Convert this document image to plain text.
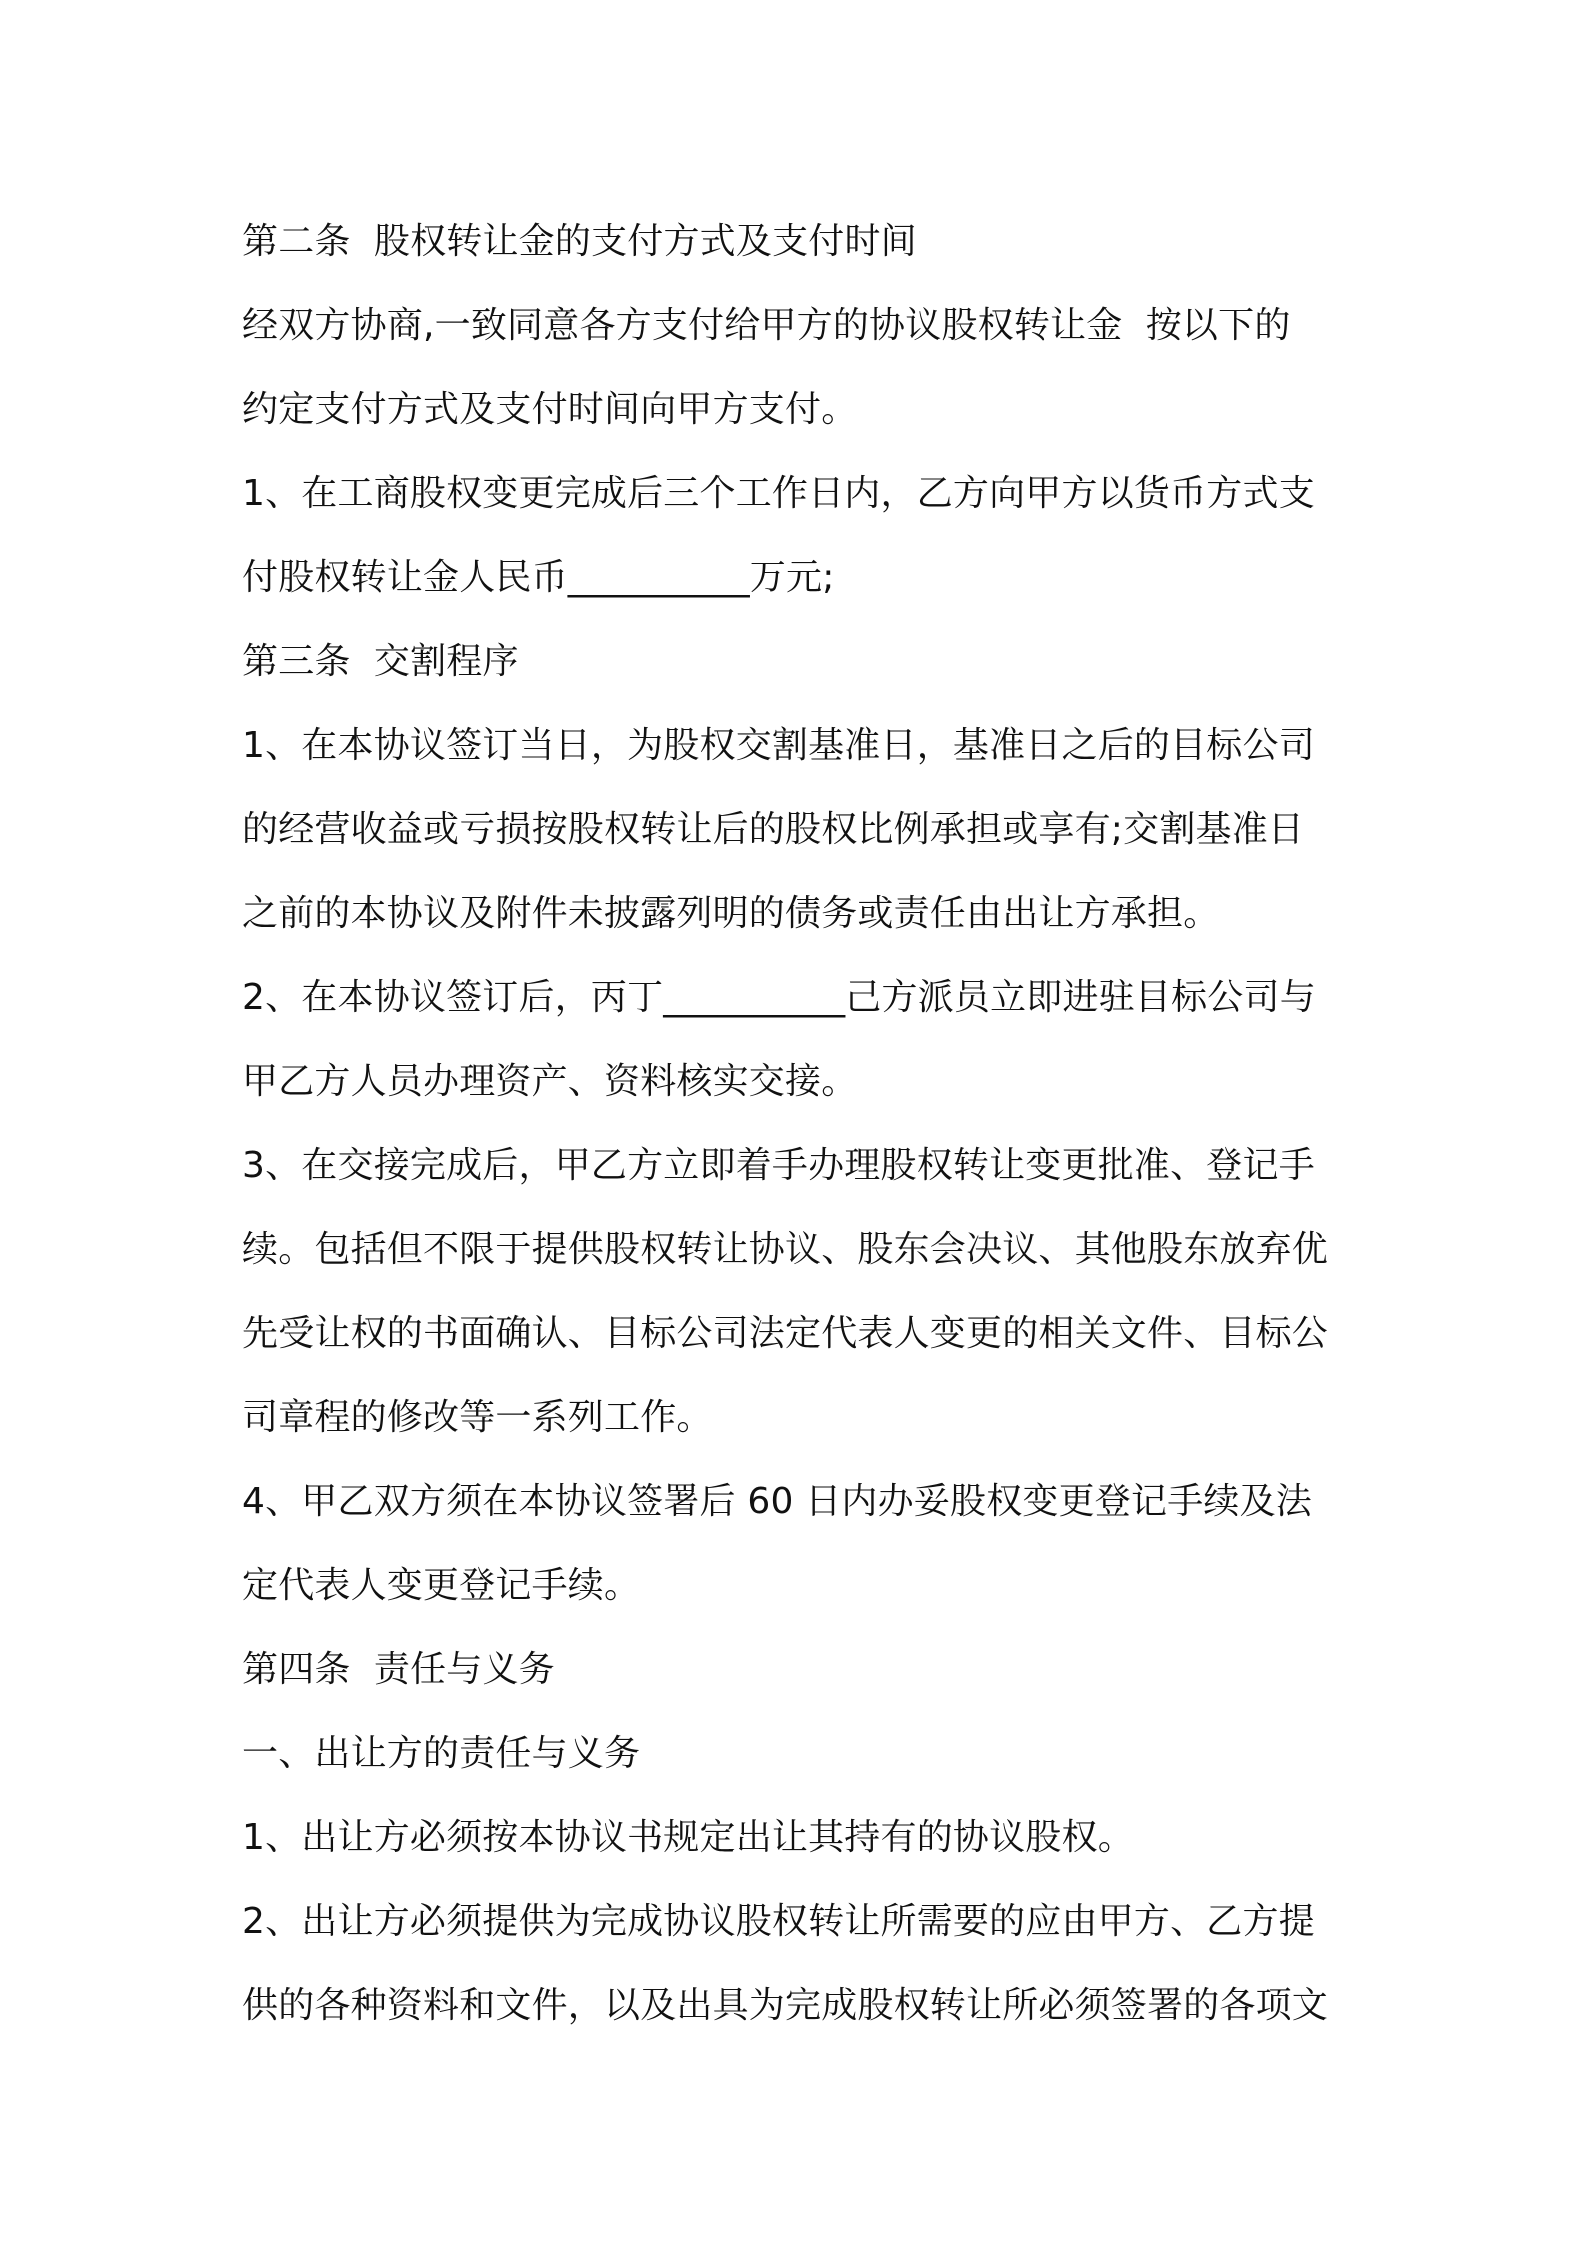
第二条  股权转让金的支付方式及支付时间
经双方协商,一致同意各方支付给甲方的协议股权转让金  按以下的
约定支付方式及支付时间向甲方支付。
1、在工商股权变更完成后三个工作日内，乙方向甲方以货币方式支
付股权转让金人民币__________万元;
第三条  交割程序
1、在本协议签订当日，为股权交割基准日，基准日之后的目标公司
的经营收益或亏损按股权转让后的股权比例承担或享有;交割基准日
之前的本协议及附件未披露列明的债务或责任由出让方承担。
2、在本协议签订后，丙丁__________己方派员立即进驻目标公司与
甲乙方人员办理资产、资料核实交接。
3、在交接完成后，甲乙方立即着手办理股权转让变更批准、登记手
续。包括但不限于提供股权转让协议、股东会决议、其他股东放弃优
先受让权的书面确认、目标公司法定代表人变更的相关文件、目标公
司章程的修改等一系列工作。
4、甲乙双方须在本协议签署后 60 日内办妥股权变更登记手续及法
定代表人变更登记手续。
第四条  责任与义务
一、出让方的责任与义务
1、出让方必须按本协议书规定出让其持有的协议股权。
2、出让方必须提供为完成协议股权转让所需要的应由甲方、乙方提
供的各种资料和文件，以及出具为完成股权转让所必须签署的各项文
